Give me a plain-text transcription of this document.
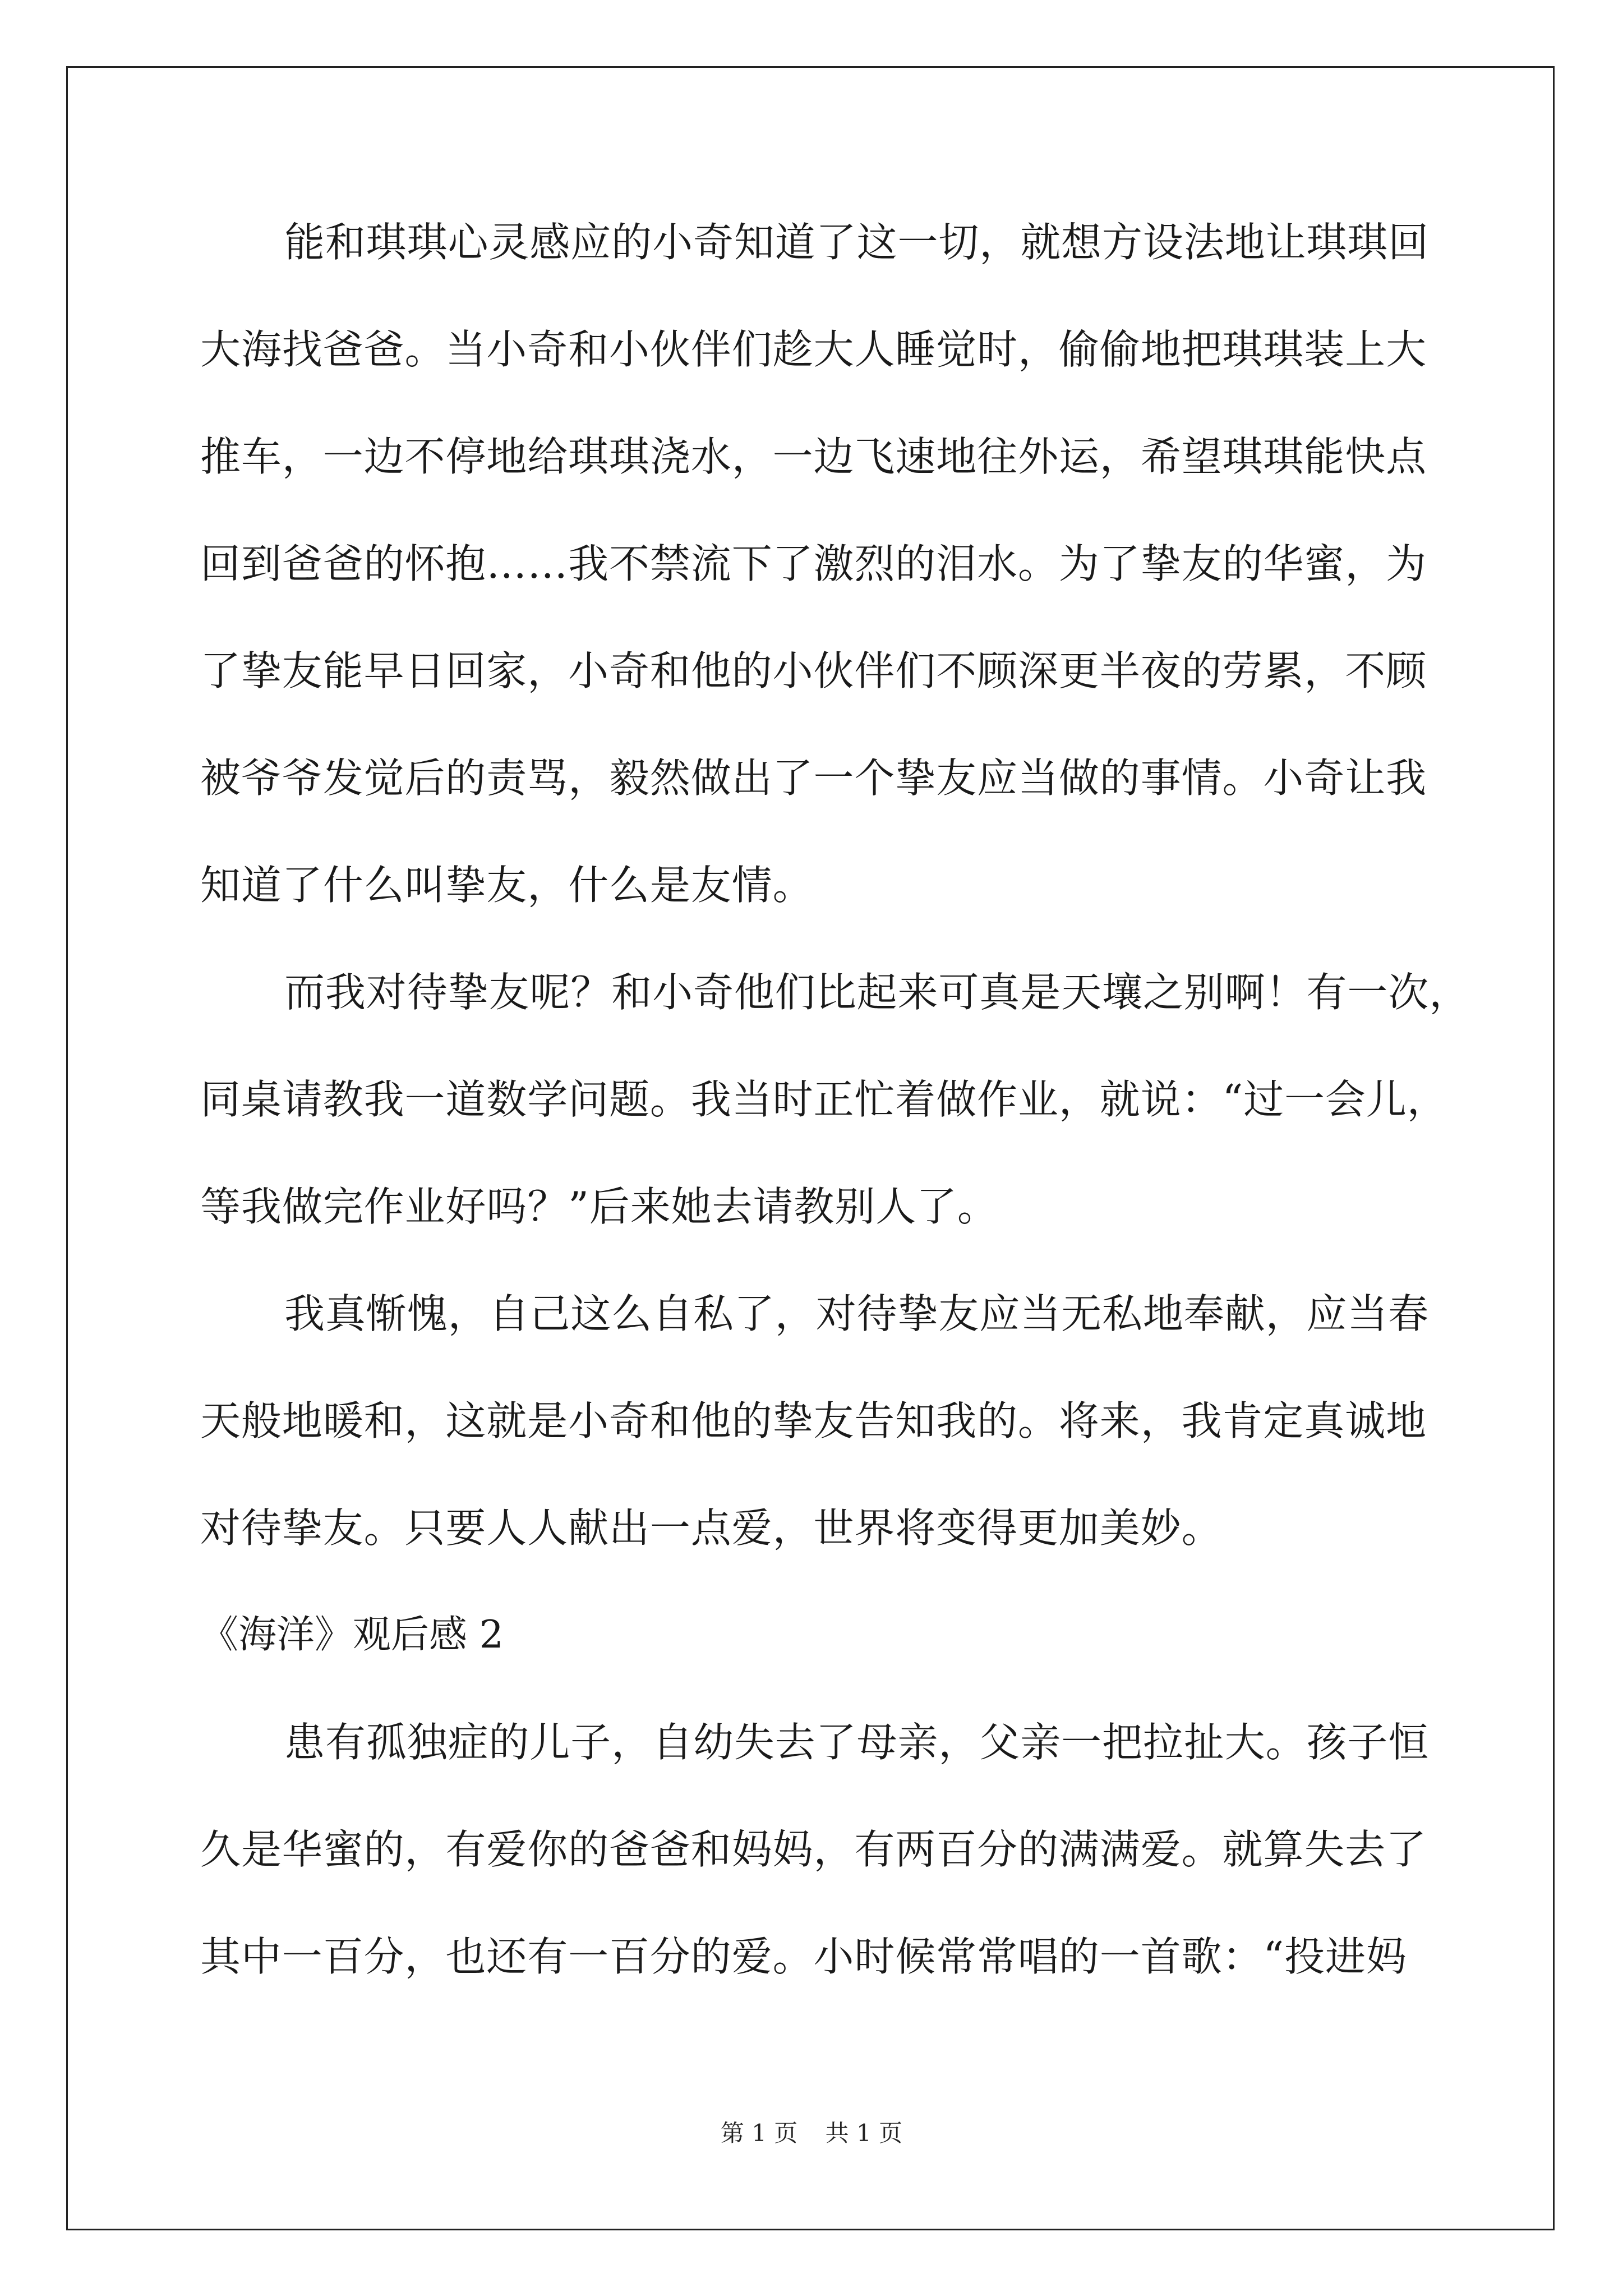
能和琪琪心灵感应的小奇知道了这一切，就想方设法地让琪琪回
大海找爸爸。当小奇和小伙伴们趁大人睡觉时，偷偷地把琪琪装上大
推车，一边不停地给琪琪浇水，一边飞速地往外运，希望琪琪能快点
回到爸爸的怀抱……我不禁流下了激烈的泪水。为了挚友的华蜜，为
了挚友能早日回家，小奇和他的小伙伴们不顾深更半夜的劳累，不顾
被爷爷发觉后的责骂，毅然做出了一个挚友应当做的事情。小奇让我
知道了什么叫挚友，什么是友情。
而我对待挚友呢？和小奇他们比起来可真是天壤之别啊！有一次，
同桌请教我一道数学问题。我当时正忙着做作业，就说：“过一会儿，
等我做完作业好吗？”后来她去请教别人了。
我真惭愧，自己这么自私了，对待挚友应当无私地奉献，应当春
天般地暖和，这就是小奇和他的挚友告知我的。将来，我肯定真诚地
对待挚友。只要人人献出一点爱，世界将变得更加美妙。
《海洋》观后感 2
患有孤独症的儿子，自幼失去了母亲，父亲一把拉扯大。孩子恒
久是华蜜的，有爱你的爸爸和妈妈，有两百分的满满爱。就算失去了
其中一百分，也还有一百分的爱。小时候常常唱的一首歌：“投进妈
第 1 页 共 1 页
